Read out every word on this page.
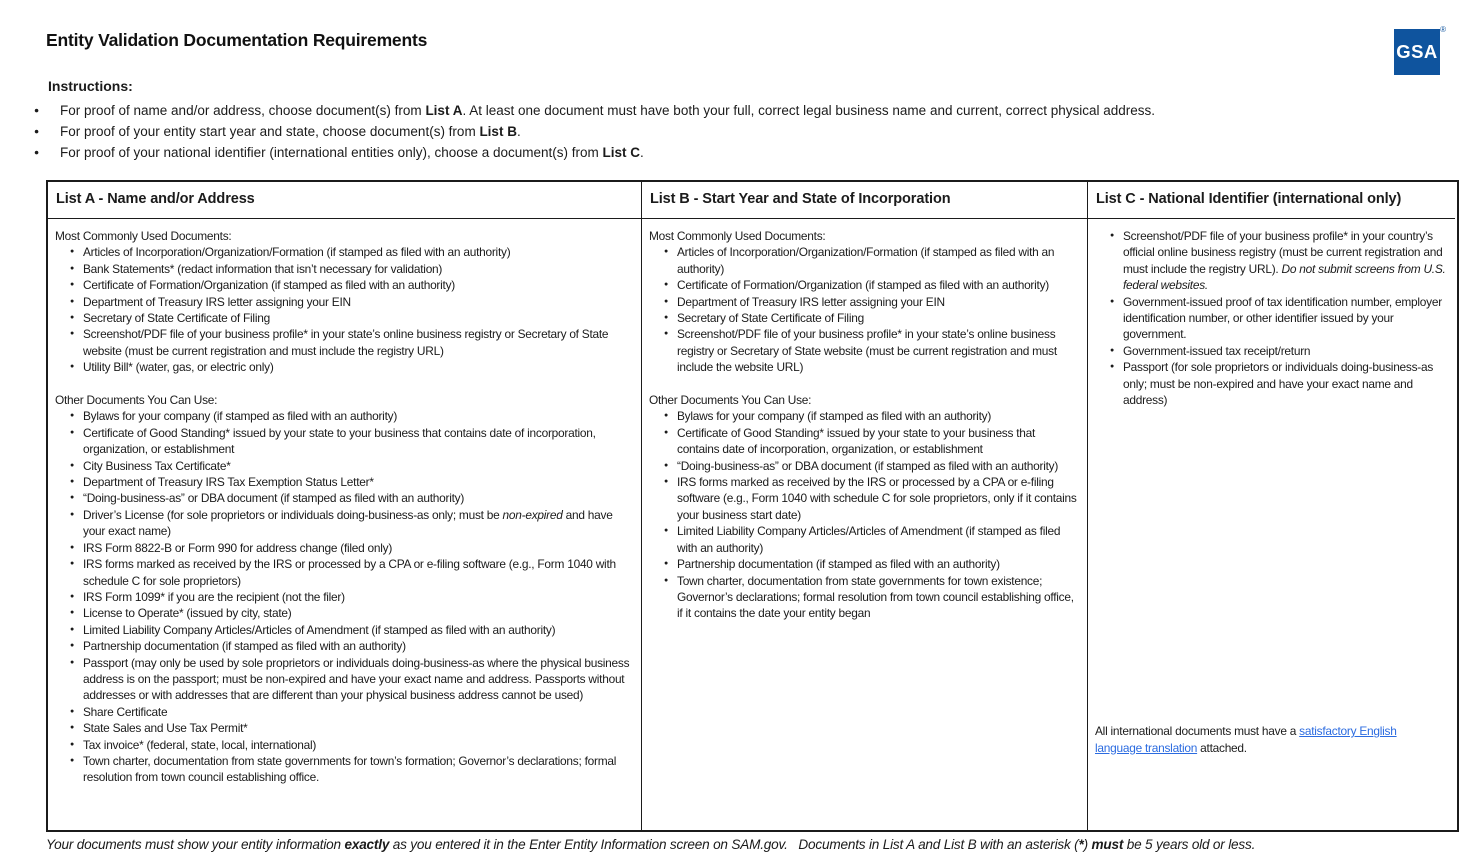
Entity Validation Documentation Requirements
GSA
®
Instructions:
● For proof of name and/or address, choose document(s) from List A. At least one document must have both your full, correct legal business name and current, correct physical address.
● For proof of your entity start year and state, choose document(s) from List B.
● For proof of your national identifier (international entities only), choose a document(s) from List C.
List A - Name and/or Address
Most Commonly Used Documents:
● Articles of Incorporation/Organization/Formation (if stamped as filed with an authority)
● Bank Statements* (redact information that isn’t necessary for validation)
● Certificate of Formation/Organization (if stamped as filed with an authority)
● Department of Treasury IRS letter assigning your EIN
● Secretary of State Certificate of Filing
● Screenshot/PDF file of your business profile* in your state’s online business registry or Secretary of State website (must be current registration and must include the registry URL)
● Utility Bill* (water, gas, or electric only)
Other Documents You Can Use:
● Bylaws for your company (if stamped as filed with an authority)
● Certificate of Good Standing* issued by your state to your business that contains date of incorporation, organization, or establishment
● City Business Tax Certificate*
● Department of Treasury IRS Tax Exemption Status Letter*
● “Doing-business-as” or DBA document (if stamped as filed with an authority)
● Driver’s License (for sole proprietors or individuals doing-business-as only; must be non-expired and have your exact name)
● IRS Form 8822-B or Form 990 for address change (filed only)
● IRS forms marked as received by the IRS or processed by a CPA or e-filing software (e.g., Form 1040 with schedule C for sole proprietors)
● IRS Form 1099* if you are the recipient (not the filer)
● License to Operate* (issued by city, state)
● Limited Liability Company Articles/Articles of Amendment (if stamped as filed with an authority)
● Partnership documentation (if stamped as filed with an authority)
● Passport (may only be used by sole proprietors or individuals doing-business-as where the physical business address is on the passport; must be non-expired and have your exact name and address. Passports without addresses or with addresses that are different than your physical business address cannot be used)
● Share Certificate
● State Sales and Use Tax Permit*
● Tax invoice* (federal, state, local, international)
● Town charter, documentation from state governments for town’s formation; Governor’s declarations; formal resolution from town council establishing office.
List B - Start Year and State of Incorporation
Most Commonly Used Documents:
● Articles of Incorporation/Organization/Formation (if stamped as filed with an authority)
● Certificate of Formation/Organization (if stamped as filed with an authority)
● Department of Treasury IRS letter assigning your EIN
● Secretary of State Certificate of Filing
● Screenshot/PDF file of your business profile* in your state’s online business registry or Secretary of State website (must be current registration and must include the website URL)
Other Documents You Can Use:
● Bylaws for your company (if stamped as filed with an authority)
● Certificate of Good Standing* issued by your state to your business that contains date of incorporation, organization, or establishment
● “Doing-business-as” or DBA document (if stamped as filed with an authority)
● IRS forms marked as received by the IRS or processed by a CPA or e-filing software (e.g., Form 1040 with schedule C for sole proprietors, only if it contains your business start date)
● Limited Liability Company Articles/Articles of Amendment (if stamped as filed with an authority)
● Partnership documentation (if stamped as filed with an authority)
● Town charter, documentation from state governments for town existence; Governor’s declarations; formal resolution from town council establishing office, if it contains the date your entity began
List C - National Identifier (international only)
● Screenshot/PDF file of your business profile* in your country’s official online business registry (must be current registration and must include the registry URL). Do not submit screens from U.S. federal websites.
● Government-issued proof of tax identification number, employer identification number, or other identifier issued by your government.
● Government-issued tax receipt/return
● Passport (for sole proprietors or individuals doing-business-as only; must be non-expired and have your exact name and address)
All international documents must have a satisfactory English language translation attached.

Your documents must show your entity information exactly as you entered it in the Enter Entity Information screen on SAM.gov.   Documents in List A and List B with an asterisk (*) must be 5 years old or less.
